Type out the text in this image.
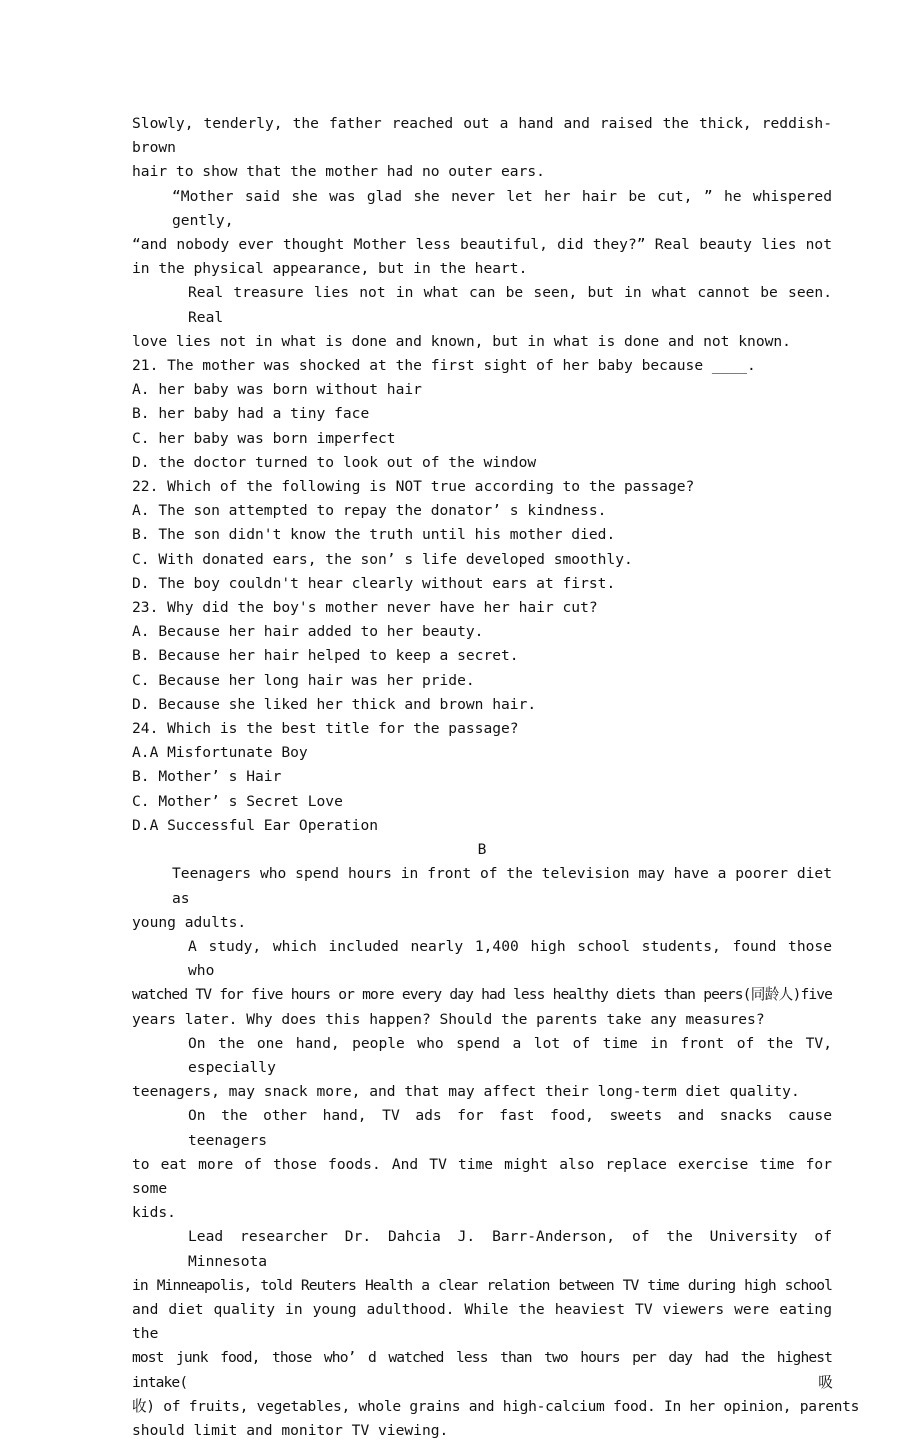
Slowly, tenderly, the father reached out a hand and raised the thick, reddish-brown
hair to show that the mother had no outer ears.
“Mother said she was glad she never let her hair be cut, ” he whispered gently,
“and nobody ever thought Mother less beautiful, did they?” Real beauty lies not
in the physical appearance, but in the heart.
Real treasure lies not in what can be seen, but in what cannot be seen. Real
love lies not in what is done and known, but in what is done and not known.
21. The mother was shocked at the first sight of her baby because ____.
A. her baby was born without hair
B. her baby had a tiny face
C. her baby was born imperfect
D. the doctor turned to look out of the window
22. Which of the following is NOT true according to the passage?
A. The son attempted to repay the donator’ s kindness.
B. The son didn't know the truth until his mother died.
C. With donated ears, the son’ s life developed smoothly.
D. The boy couldn't hear clearly without ears at first.
23. Why did the boy's mother never have her hair cut?
A. Because her hair added to her beauty.
B. Because her hair helped to keep a secret.
C. Because her long hair was her pride.
D. Because she liked her thick and brown hair.
24. Which is the best title for the passage?
A.A Misfortunate Boy
B. Mother’ s Hair
C. Mother’ s Secret Love
D.A Successful Ear Operation
B
Teenagers who spend hours in front of the television may have a poorer diet as
young adults.
A study, which included nearly 1,400 high school students, found those who
watched TV for five hours or more every day had less healthy diets than peers(同龄人)five
years later. Why does this happen? Should the parents take any measures?
On the one hand, people who spend a lot of time in front of the TV, especially
teenagers, may snack more, and that may affect their long-term diet quality.
On the other hand, TV ads for fast food, sweets and snacks cause teenagers
to eat more of those foods. And TV time might also replace exercise time for some
kids.
Lead researcher Dr. Dahcia J. Barr-Anderson, of the University of Minnesota
in Minneapolis, told Reuters Health a clear relation between TV time during high school
and diet quality in young adulthood. While the heaviest TV viewers were eating the
most junk food, those who’ d watched less than two hours per day had the highest intake(吸
收) of fruits, vegetables, whole grains and high-calcium food. In her opinion, parents
should limit and monitor TV viewing.
